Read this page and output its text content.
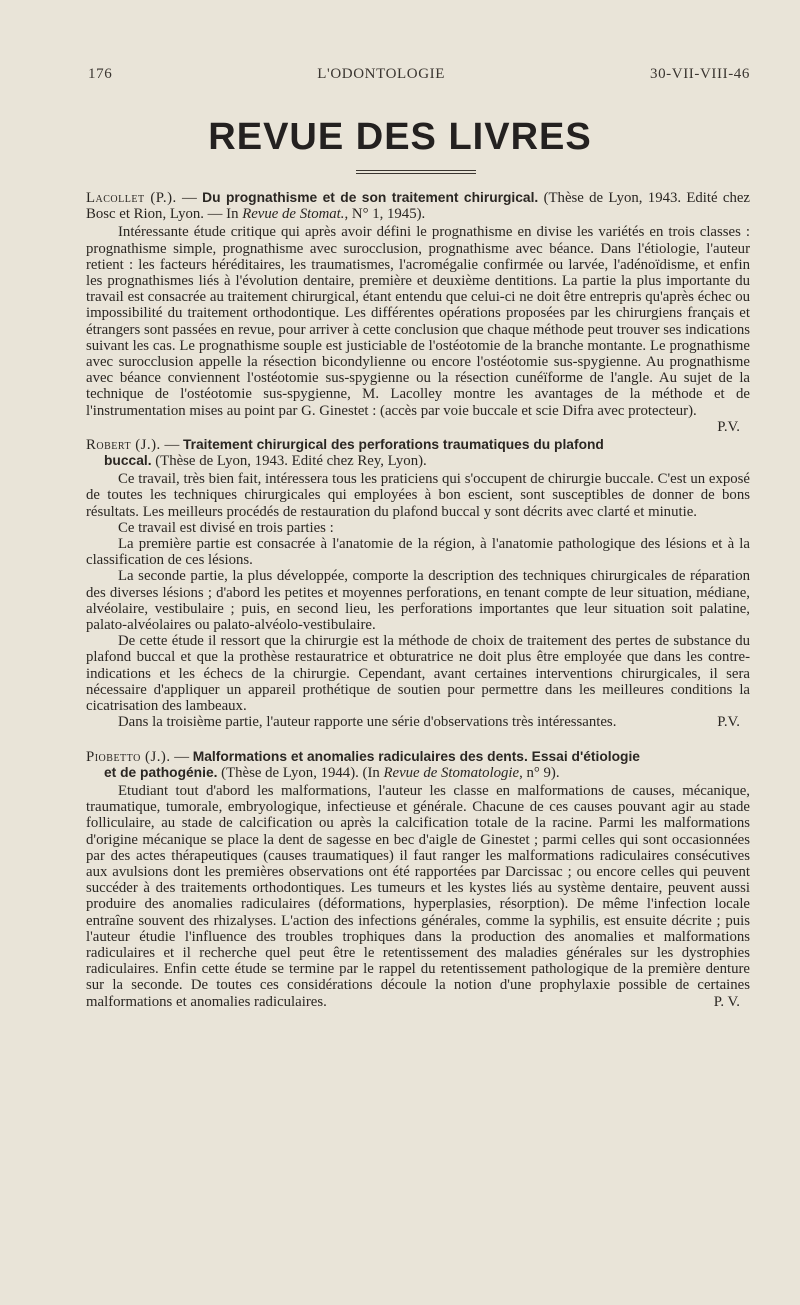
176	L'ODONTOLOGIE	30-VII-VIII-46
REVUE DES LIVRES

Lacollet (P.). — Du prognathisme et de son traitement chirurgical. (Thèse de Lyon, 1943. Edité chez Bosc et Rion, Lyon. — In Revue de Stomat., N° 1, 1945).

Intéressante étude critique qui après avoir défini le prognathisme en divise les variétés en trois classes : prognathisme simple, prognathisme avec surocclusion, prognathisme avec béance. Dans l'étiologie, l'auteur retient : les facteurs héréditaires, les traumatismes, l'acromégalie confirmée ou larvée, l'adénoïdisme, et enfin les prognathismes liés à l'évolution dentaire, première et deuxième dentitions. La partie la plus importante du travail est consacrée au traitement chirurgical, étant entendu que celui-ci ne doit être entrepris qu'après échec ou impossibilité du traitement orthodontique. Les différentes opérations proposées par les chirurgiens français et étrangers sont passées en revue, pour arriver à cette conclusion que chaque méthode peut trouver ses indications suivant les cas. Le prognathisme souple est justiciable de l'ostéotomie de la branche montante. Le prognathisme avec surocclusion appelle la résection bicondylienne ou encore l'ostéotomie sus-spygienne. Au prognathisme avec béance conviennent l'ostéotomie sus-spygienne ou la résection cunéïforme de l'angle. Au sujet de la technique de l'ostéotomie sus-spygienne, M. Lacolley montre les avantages de la méthode et de l'instrumentation mises au point par G. Ginestet : (accès par voie buccale et scie Difra avec protecteur).
P.V.

Robert (J.). — Traitement chirurgical des perforations traumatiques du plafond
buccal. (Thèse de Lyon, 1943. Edité chez Rey, Lyon).

Ce travail, très bien fait, intéressera tous les praticiens qui s'occupent de chirurgie buccale. C'est un exposé de toutes les techniques chirurgicales qui employées à bon escient, sont susceptibles de donner de bons résultats. Les meilleurs procédés de restauration du plafond buccal y sont décrits avec clarté et minutie.

Ce travail est divisé en trois parties :

La première partie est consacrée à l'anatomie de la région, à l'anatomie pathologique des lésions et à la classification de ces lésions.

La seconde partie, la plus développée, comporte la description des techniques chirurgicales de réparation des diverses lésions ; d'abord les petites et moyennes perforations, en tenant compte de leur situation, médiane, alvéolaire, vestibulaire ; puis, en second lieu, les perforations importantes que leur situation soit palatine, palato-alvéolaires ou palato-alvéolo-vestibulaire.

De cette étude il ressort que la chirurgie est la méthode de choix de traitement des pertes de substance du plafond buccal et que la prothèse restauratrice et obturatrice ne doit plus être employée que dans les contre-indications et les échecs de la chirurgie. Cependant, avant certaines interventions chirurgicales, il sera nécessaire d'appliquer un appareil prothétique de soutien pour permettre dans les meilleures conditions la cicatrisation des lambeaux.

Dans la troisième partie, l'auteur rapporte une série d'observations très intéressantes.	P.V.

Piobetto (J.). — Malformations et anomalies radiculaires des dents. Essai d'étiologie
et de pathogénie. (Thèse de Lyon, 1944). (In Revue de Stomatologie, n° 9).

Etudiant tout d'abord les malformations, l'auteur les classe en malformations de causes, mécanique, traumatique, tumorale, embryologique, infectieuse et générale. Chacune de ces causes pouvant agir au stade folliculaire, au stade de calcification ou après la calcification totale de la racine. Parmi les malformations d'origine mécanique se place la dent de sagesse en bec d'aigle de Ginestet ; parmi celles qui sont occasionnées par des actes thérapeutiques (causes traumatiques) il faut ranger les malformations radiculaires consécutives aux avulsions dont les premières observations ont été rapportées par Darcissac ; ou encore celles qui peuvent succéder à des traitements orthodontiques. Les tumeurs et les kystes liés au système dentaire, peuvent aussi produire des anomalies radiculaires (déformations, hyperplasies, résorption). De même l'infection locale entraîne souvent des rhizalyses. L'action des infections générales, comme la syphilis, est ensuite décrite ; puis l'auteur étudie l'influence des troubles trophiques dans la production des anomalies et malformations radiculaires et il recherche quel peut être le retentissement des maladies générales sur les dystrophies radiculaires. Enfin cette étude se termine par le rappel du retentissement pathologique de la première denture sur la seconde. De toutes ces considérations découle la notion d'une prophylaxie possible de certaines malformations et anomalies radiculaires.	P. V.
